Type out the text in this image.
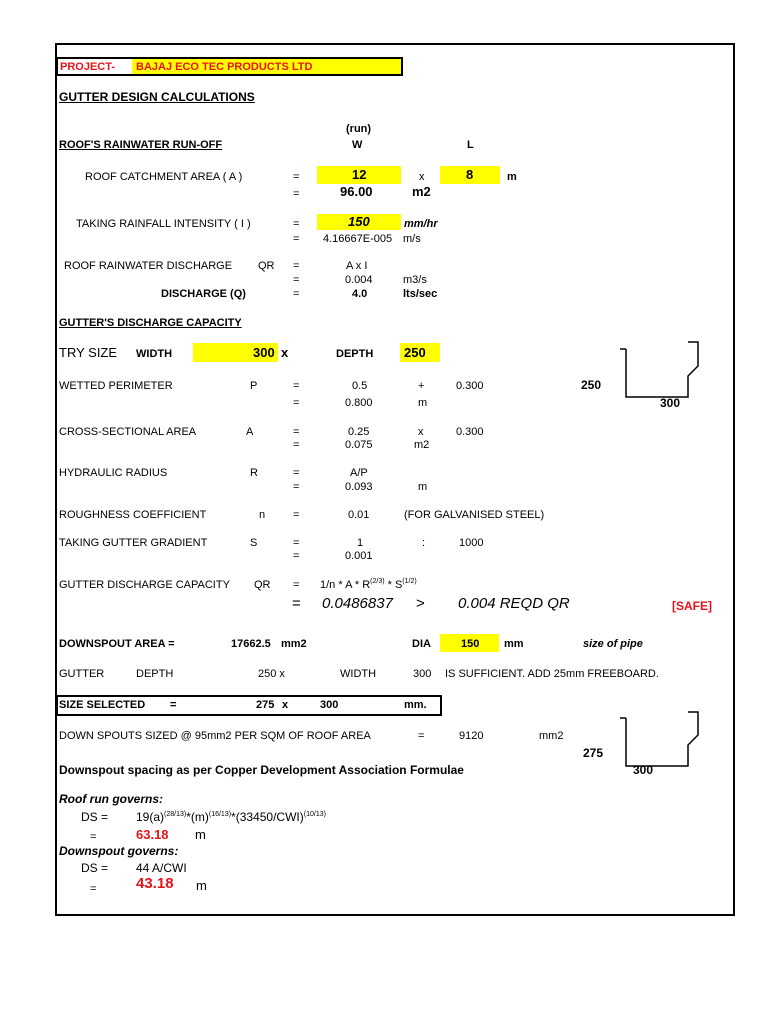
PROJECT- BAJAJ ECO TEC PRODUCTS LTD
GUTTER DESIGN CALCULATIONS
(run)
ROOF'S RAINWATER RUN-OFF	W	L
ROOF CATCHMENT AREA ( A )	=	12	x	8	m
=	96.00	m2
TAKING RAINFALL INTENSITY ( I )	=	150	mm/hr
= 4.16667E-005 m/s
ROOF RAINWATER DISCHARGE QR =	A x I
=	0.004	m3/s
DISCHARGE (Q)	=	4.0	lts/sec
GUTTER'S DISCHARGE CAPACITY
TRY SIZE WIDTH	300 x	DEPTH 250
250
300
WETTED PERIMETER	P	=	0.5	+	0.300
=	0.800	m
CROSS-SECTIONAL AREA	A	=	0.25	x	0.300
=	0.075	m2
HYDRAULIC RADIUS	R	=	A/P
=	0.093	m
ROUGHNESS COEFFICIENT	n	=	0.01	(FOR GALVANISED STEEL)
TAKING GUTTER GRADIENT	S	=	1	:	1000
=	0.001
GUTTER DISCHARGE CAPACITY QR = 1/n * A * $R^{(2/3)} * S^{(1/2)}$
= 0.0486837 > 0.004 REQD QR	[SAFE]
DOWNSPOUT AREA =	17662.5 mm2	DIA	150 mm	size of pipe
GUTTER	DEPTH	250 x	WIDTH	300 IS SUFFICIENT. ADD 25mm FREEBOARD.
SIZE SELECTED =	275 x	300	mm.
DOWN SPOUTS SIZED @ 95mm2 PER SQM OF ROOF AREA	=	9120	mm2
275
300
Downspout spacing as per Copper Development Association Formulae
Roof run governs:
DS = $19(a)^{(28/13)}*(m)^{(16/13)}*(33450/CWI)^{(10/13)}$
=	63.18 m
Downspout governs:
DS = 44 A/CWI
=	43.18 m
